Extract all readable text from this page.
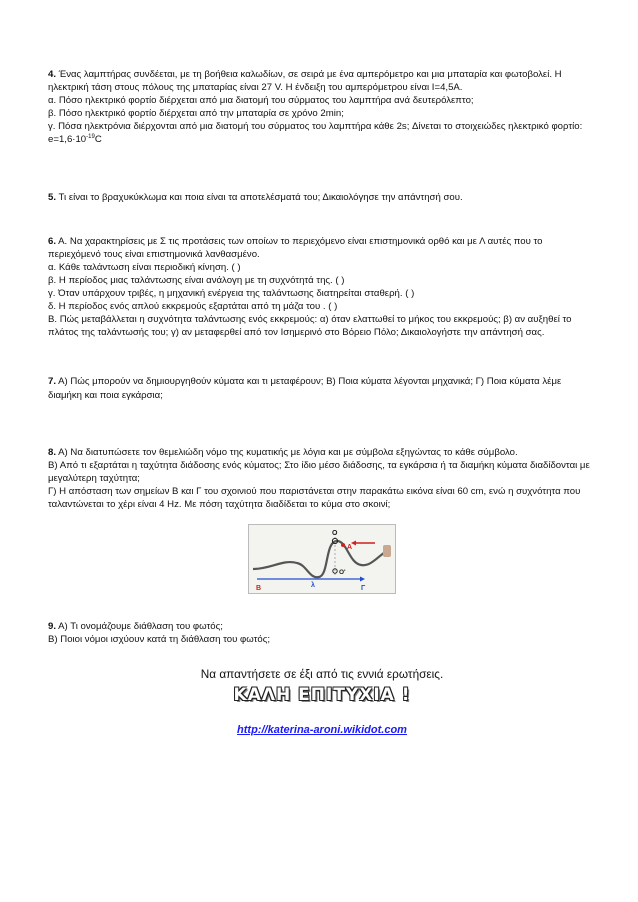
4. Ένας λαμπτήρας συνδέεται, με τη βοήθεια καλωδίων, σε σειρά με ένα αμπερόμετρο και μια μπαταρία και φωτοβολεί. Η ηλεκτρική τάση στους πόλους της μπαταρίας είναι 27 V. Η ένδειξη του αμπερόμετρου είναι Ι=4,5Α.

α. Πόσο ηλεκτρικό φορτίο διέρχεται από μια διατομή του σύρματος του λαμπτήρα ανά δευτερόλεπτο;

β. Πόσο ηλεκτρικό φορτίο διέρχεται από την μπαταρία σε χρόνο 2min;

γ. Πόσα ηλεκτρόνια διέρχονται από μια διατομή του σύρματος του λαμπτήρα κάθε 2s; Δίνεται το στοιχειώδες ηλεκτρικό φορτίο: $e=1,6\cdot 10^{-19}C$

5. Τι είναι το βραχυκύκλωμα και ποια είναι τα αποτελέσματά του; Δικαιολόγησε την απάντησή σου.

6. Α. Να χαρακτηρίσεις με Σ τις προτάσεις των οποίων το περιεχόμενο είναι επιστημονικά ορθό και με Λ αυτές που το περιεχόμενό τους είναι επιστημονικά λανθασμένο.

α. Κάθε ταλάντωση είναι περιοδική κίνηση. ( )

β. Η περίοδος μιας ταλάντωσης είναι ανάλογη με τη συχνότητά της. ( )

γ. Όταν υπάρχουν τριβές, η μηχανική ενέργεια της ταλάντωσης διατηρείται σταθερή. ( )

δ. Η περίοδος ενός απλού εκκρεμούς εξαρτάται από τη μάζα του . ( )

Β. Πώς μεταβάλλεται η συχνότητα ταλάντωσης ενός εκκρεμούς: α) όταν ελαττωθεί το μήκος του εκκρεμούς; β) αν αυξηθεί το πλάτος της ταλάντωσής του; γ) αν μεταφερθεί από τον Ισημερινό στο Βόρειο Πόλο; Δικαιολογήστε την απάντησή σας.

7. Α) Πώς μπορούν να δημιουργηθούν κύματα και τι μεταφέρουν; Β) Ποια κύματα λέγονται μηχανικά; Γ) Ποια κύματα λέμε διαμήκη και ποια εγκάρσια;

8. Α) Να διατυπώσετε τον θεμελιώδη νόμο της κυματικής με λόγια και με σύμβολα εξηγώντας το κάθε σύμβολο.

Β) Από τι εξαρτάται η ταχύτητα διάδοσης ενός κύματος; Στο ίδιο μέσο διάδοσης, τα εγκάρσια ή τα διαμήκη κύματα διαδίδονται με μεγαλύτερη ταχύτητα;

Γ) Η απόσταση των σημείων Β και Γ του σχοινιού που παριστάνεται στην παρακάτω εικόνα είναι 60 cm, ενώ η συχνότητα που ταλαντώνεται το χέρι είναι 4 Hz. Με πόση ταχύτητα διαδίδεται το κύμα στο σκοινί;

Β	Γ
λ
Ο
Ο'
Α

9. Α) Τι ονομάζουμε διάθλαση του φωτός;

Β) Ποιοι νόμοι ισχύουν κατά τη διάθλαση του φωτός;

Να απαντήσετε σε έξι από τις εννιά ερωτήσεις.
ΚΑΛΗ ΕΠΙΤΥΧΙΑ !
http://katerina-aroni.wikidot.com
